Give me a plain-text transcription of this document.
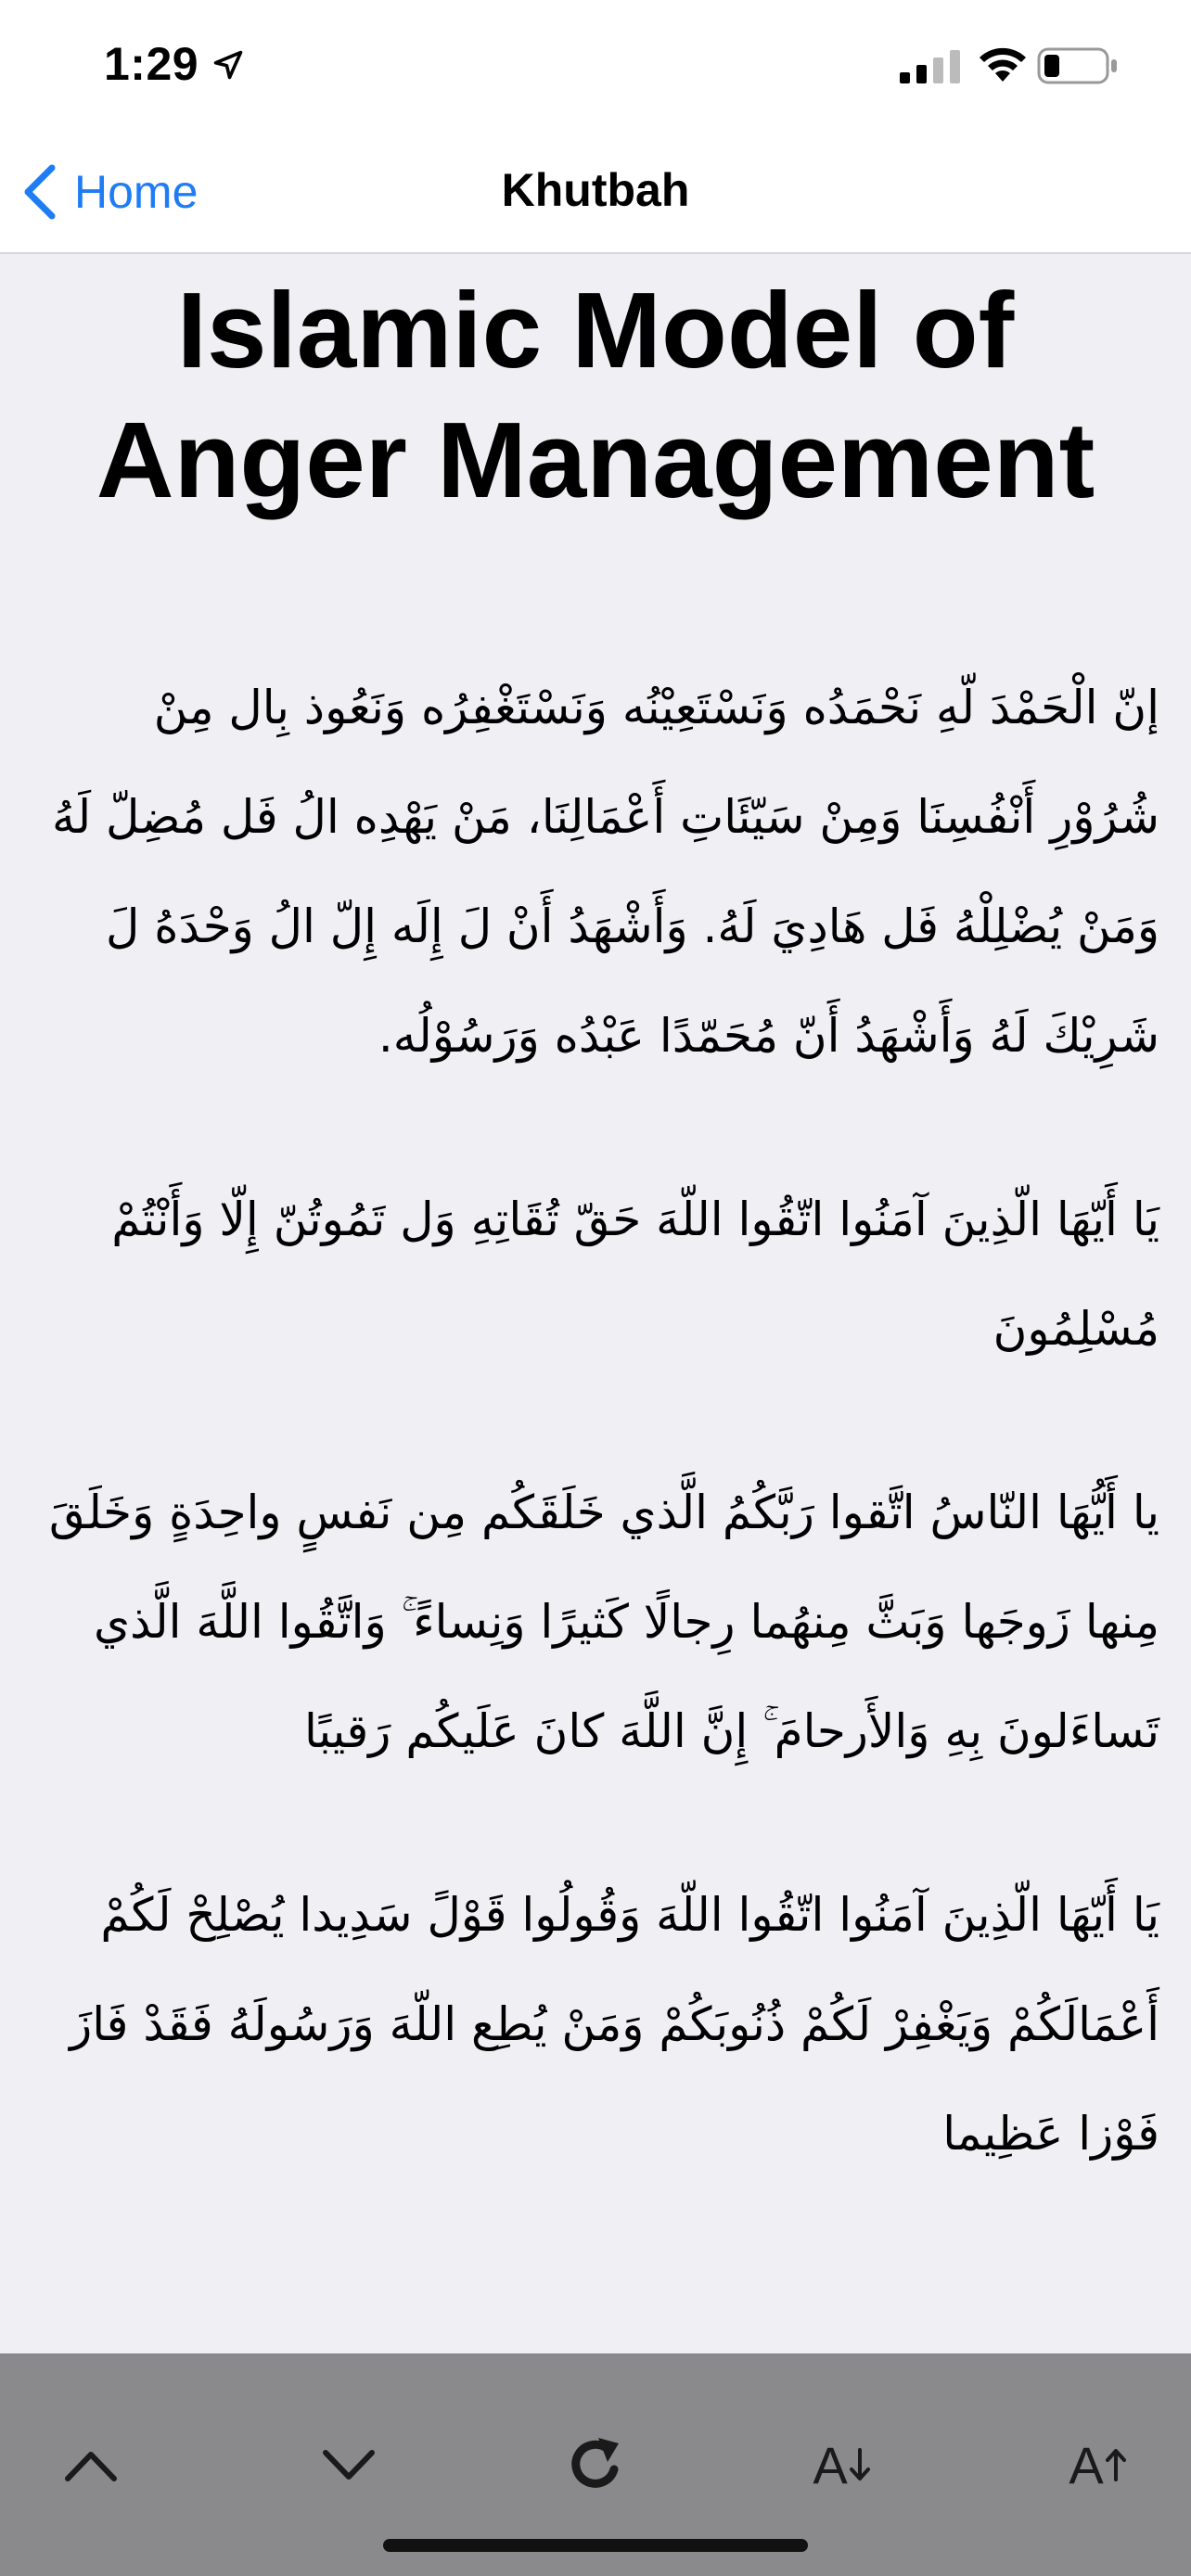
1:29
Home	Khutbah
Islamic Model of Anger Management

إنّ الْحَمْدَ لّهِ نَحْمَدُه وَنَسْتَعِيْنُه وَنَسْتَغْفِرُه وَنَعُوذ بِال مِنْ شُرُوْرِ أَنْفُسِنَا وَمِنْ سَيّئَاتِ أَعْمَالِنَا، مَنْ يَهْدِه الُ فَل مُضِلّ لَهُ وَمَنْ يُضْلِلْهُ فَل هَادِيَ لَهُ. وَأَشْهَدُ أَنْ لَ إِلَه إِلّ الُ وَحْدَهُ لَ شَرِيْكَ لَهُ وَأَشْهَدُ أَنّ مُحَمّدًا عَبْدُه وَرَسُوْلُه.

يَا أَيّهَا الّذِينَ آمَنُوا اتّقُوا اللّهَ حَقّ تُقَاتِهِ وَل تَمُوتُنّ إِلّا وَأَنْتُمْ مُسْلِمُونَ

يا أَيُّهَا النّاسُ اتَّقوا رَبَّكُمُ الَّذي خَلَقَكُم مِن نَفسٍ واحِدَةٍ وَخَلَقَ مِنها زَوجَها وَبَثَّ مِنهُما رِجالًا كَثيرًا وَنِساءً ۚ وَاتَّقُوا اللَّهَ الَّذي تَساءَلونَ بِهِ وَالأَرحامَ ۚ إِنَّ اللَّهَ كانَ عَلَيكُم رَقيبًا

يَا أَيّهَا الّذِينَ آمَنُوا اتّقُوا اللّهَ وَقُولُوا قَوْلً سَدِيدا يُصْلِحْ لَكُمْ أَعْمَالَكُمْ وَيَغْفِرْ لَكُمْ ذُنُوبَكُمْ وَمَنْ يُطِع اللّهَ وَرَسُولَهُ فَقَدْ فَازَ فَوْزا عَظِيما

A	A
